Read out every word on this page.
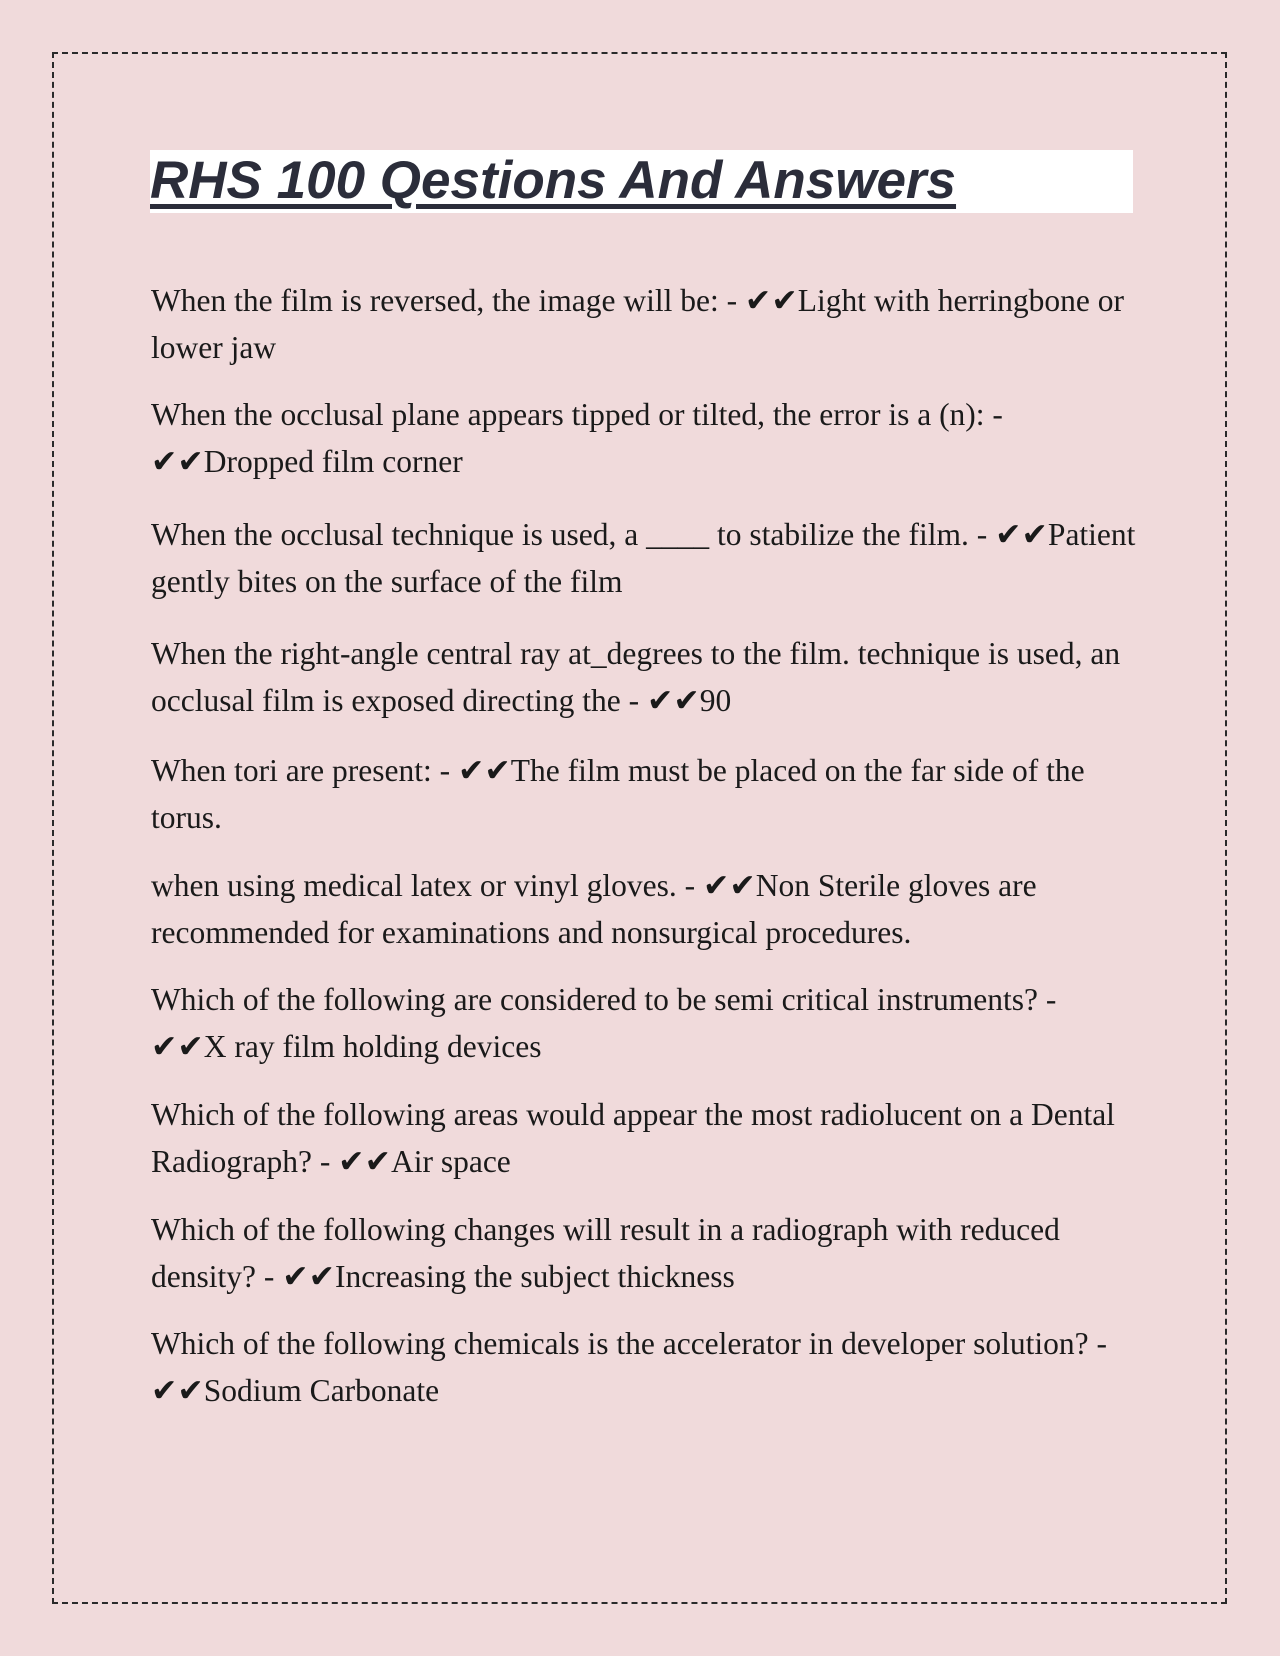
RHS 100 Qestions And Answers

When the film is reversed, the image will be: - ✔✔Light with herringbone or lower jaw

When the occlusal plane appears tipped or tilted, the error is a (n): - ✔✔Dropped film corner

When the occlusal technique is used, a ____ to stabilize the film. - ✔✔Patient gently bites on the surface of the film

When the right-angle central ray at_degrees to the film. technique is used, an occlusal film is exposed directing the - ✔✔90

When tori are present: - ✔✔The film must be placed on the far side of the torus.

when using medical latex or vinyl gloves. - ✔✔Non Sterile gloves are recommended for examinations and nonsurgical procedures.

Which of the following are considered to be semi critical instruments? - ✔✔X ray film holding devices

Which of the following areas would appear the most radiolucent on a Dental Radiograph? - ✔✔Air space

Which of the following changes will result in a radiograph with reduced density? - ✔✔Increasing the subject thickness

Which of the following chemicals is the accelerator in developer solution? - ✔✔Sodium Carbonate
